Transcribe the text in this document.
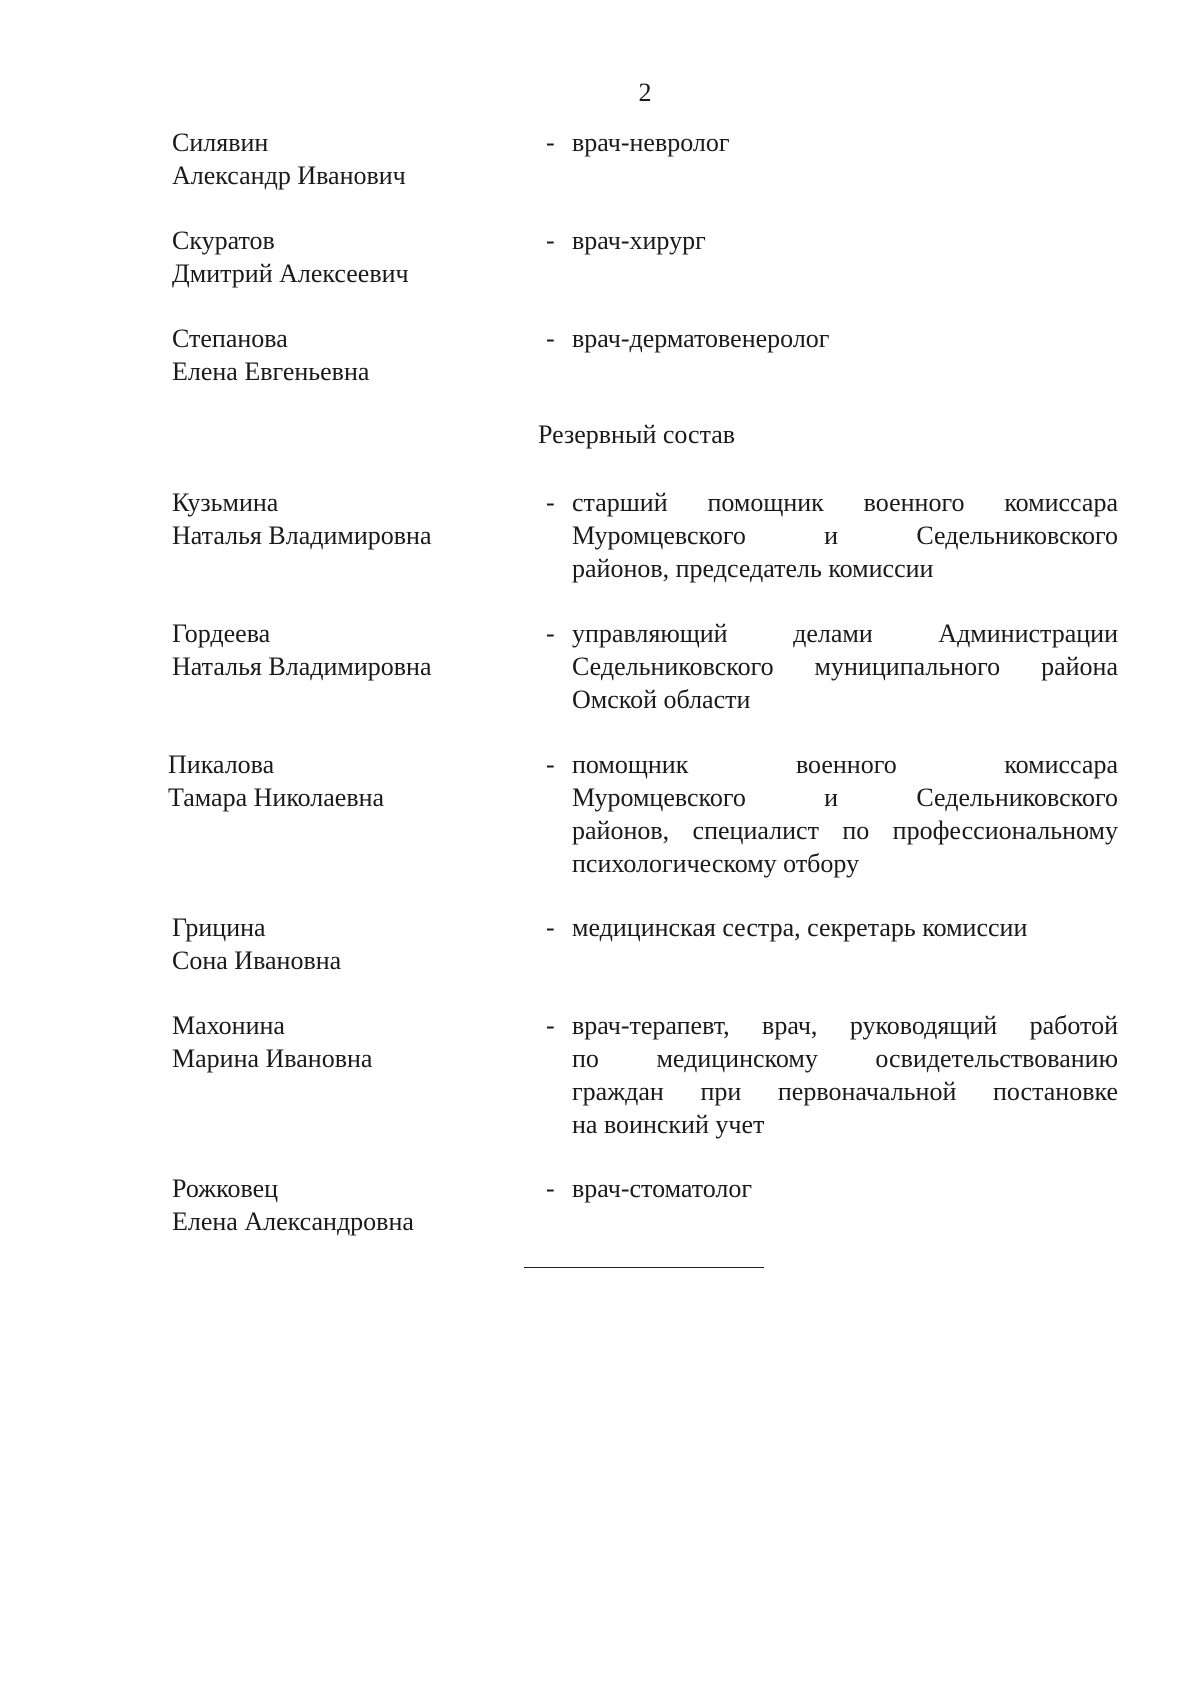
2
Силявин
Александр Иванович
- врач-невролог
Скуратов
Дмитрий Алексеевич
- врач-хирург
Степанова
Елена Евгеньевна
- врач-дерматовенеролог
Резервный состав
Кузьмина
Наталья Владимировна
- старший помощник военного комиссара
Муромцевского и Седельниковского
районов, председатель комиссии
Гордеева
Наталья Владимировна
- управляющий делами Администрации
Седельниковского муниципального района
Омской области
Пикалова
Тамара Николаевна
- помощник военного комиссара
Муромцевского и Седельниковского
районов, специалист по профессиональному
психологическому отбору
Грицина
Сона Ивановна
- медицинская сестра, секретарь комиссии
Махонина
Марина Ивановна
- врач-терапевт, врач, руководящий работой
по медицинскому освидетельствованию
граждан при первоначальной постановке
на воинский учет
Рожковец
Елена Александровна
- врач-стоматолог
